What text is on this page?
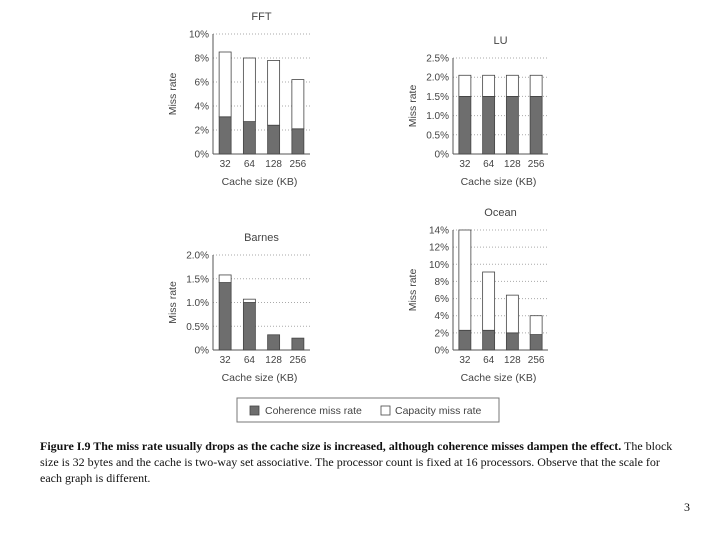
FFT
0%
2%
4%
6%
8%
10%
32 64 128 256
Cache size (KB)
Miss rate
LU
0%
0.5%
1.0%
1.5%
2.0%
2.5%
32 64 128 256
Cache size (KB)
Miss rate
Barnes
0%
0.5%
1.0%
1.5%
2.0%
32 64 128 256
Cache size (KB)
Miss rate
Ocean
0%
2%
4%
6%
8%
10%
12%
14%
32 64 128 256
Cache size (KB)
Miss rate
Coherence miss rate	Capacity miss rate
Figure I.9 The miss rate usually drops as the cache size is increased, although coherence misses dampen the effect. The block size is 32 bytes and the cache is two-way set associative. The processor count is fixed at 16 processors. Observe that the scale for each graph is different.
3
